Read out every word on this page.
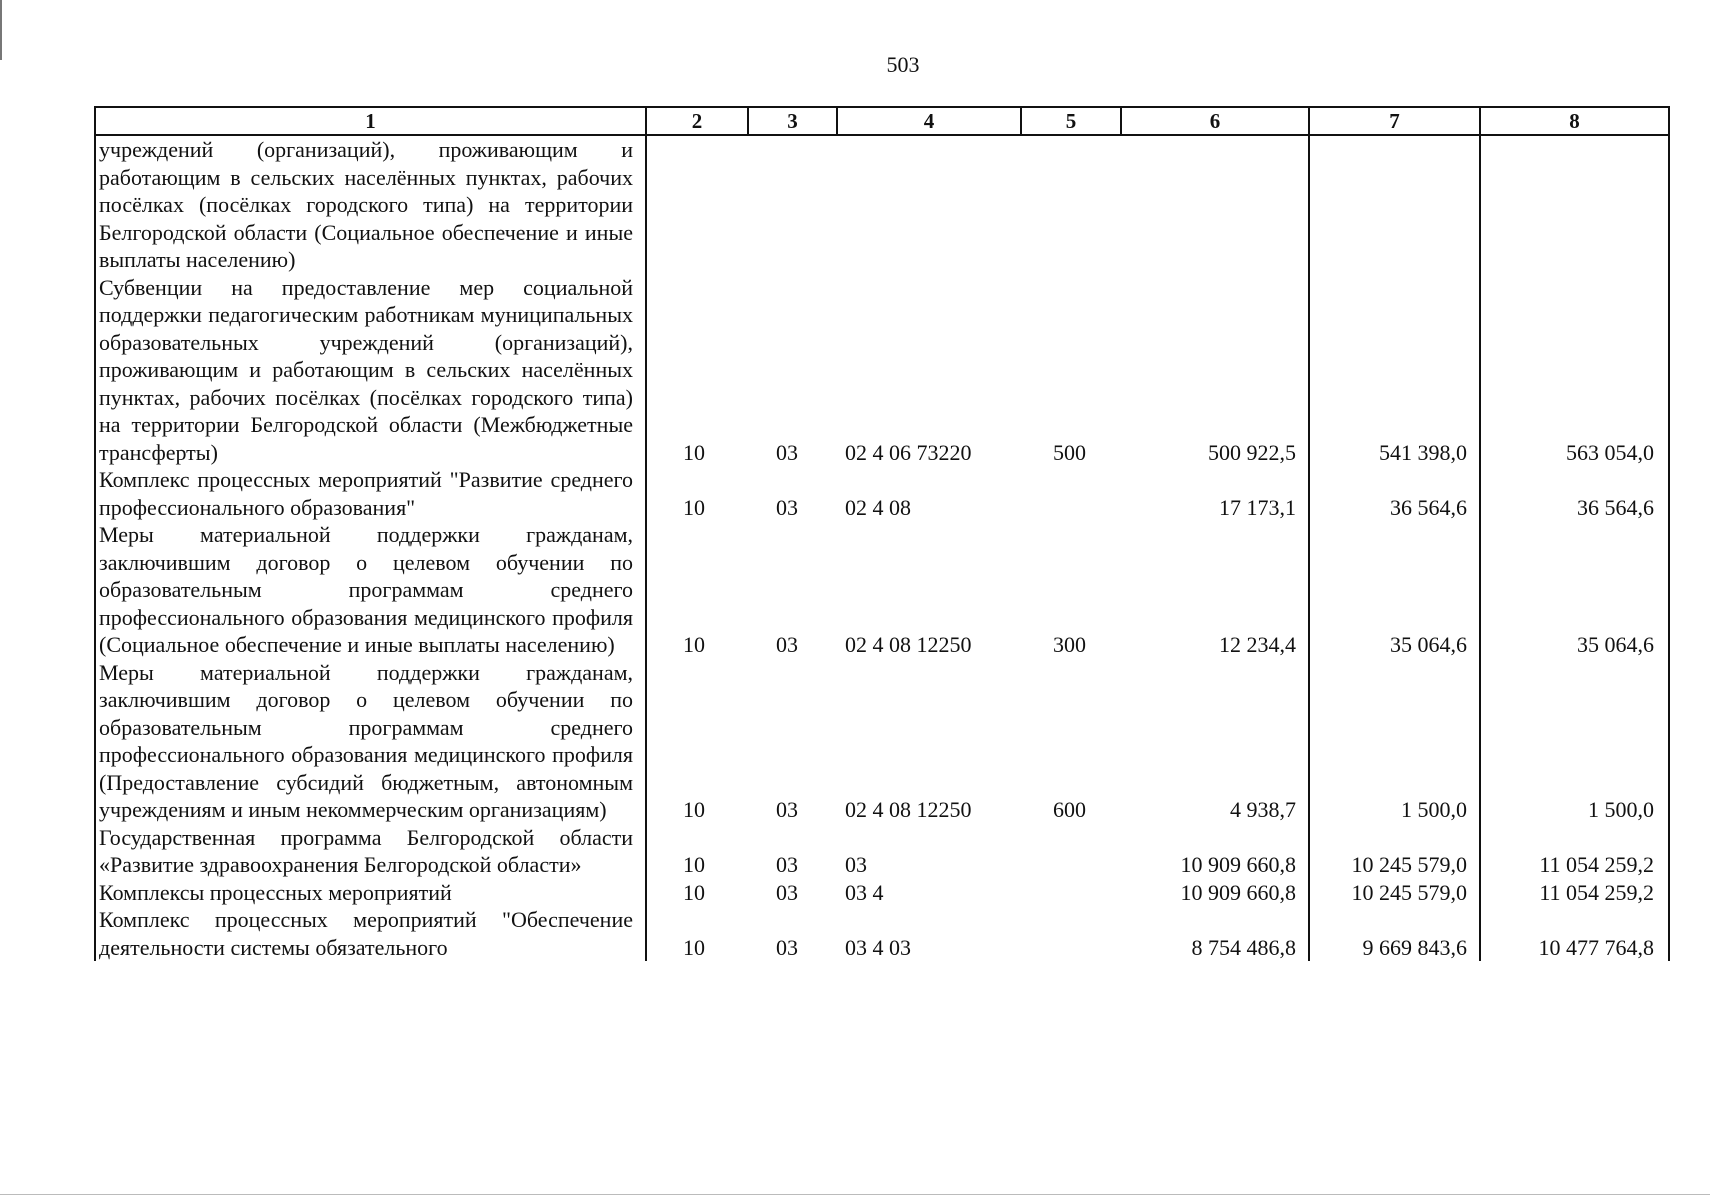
503
1	2	3	4	5	6	7	8
учреждений (организаций), проживающим и работающим в сельских населённых пунктах, рабочих посёлках (посёлках городского типа) на территории Белгородской области (Социальное обеспечение и иные выплаты населению)							
Субвенции на предоставление мер социальной поддержки педагогическим работникам муниципальных образовательных учреждений (организаций), проживающим и работающим в сельских населённых пунктах, рабочих посёлках (посёлках городского типа) на территории Белгородской области (Межбюджетные трансферты)	10	03	02 4 06 73220	500	500 922,5	541 398,0	563 054,0
Комплекс процессных мероприятий "Развитие среднего профессионального образования"	10	03	02 4 08		17 173,1	36 564,6	36 564,6
Меры материальной поддержки гражданам, заключившим договор о целевом обучении по образовательным программам среднего профессионального образования медицинского профиля (Социальное обеспечение и иные выплаты населению)	10	03	02 4 08 12250	300	12 234,4	35 064,6	35 064,6
Меры материальной поддержки гражданам, заключившим договор о целевом обучении по образовательным программам среднего профессионального образования медицинского профиля (Предоставление субсидий бюджетным, автономным учреждениям и иным некоммерческим организациям)	10	03	02 4 08 12250	600	4 938,7	1 500,0	1 500,0
Государственная программа Белгородской области «Развитие здравоохранения Белгородской области»	10	03	03		10 909 660,8	10 245 579,0	11 054 259,2
Комплексы процессных мероприятий	10	03	03 4		10 909 660,8	10 245 579,0	11 054 259,2
Комплекс процессных мероприятий "Обеспечение деятельности системы обязательного	10	03	03 4 03		8 754 486,8	9 669 843,6	10 477 764,8
